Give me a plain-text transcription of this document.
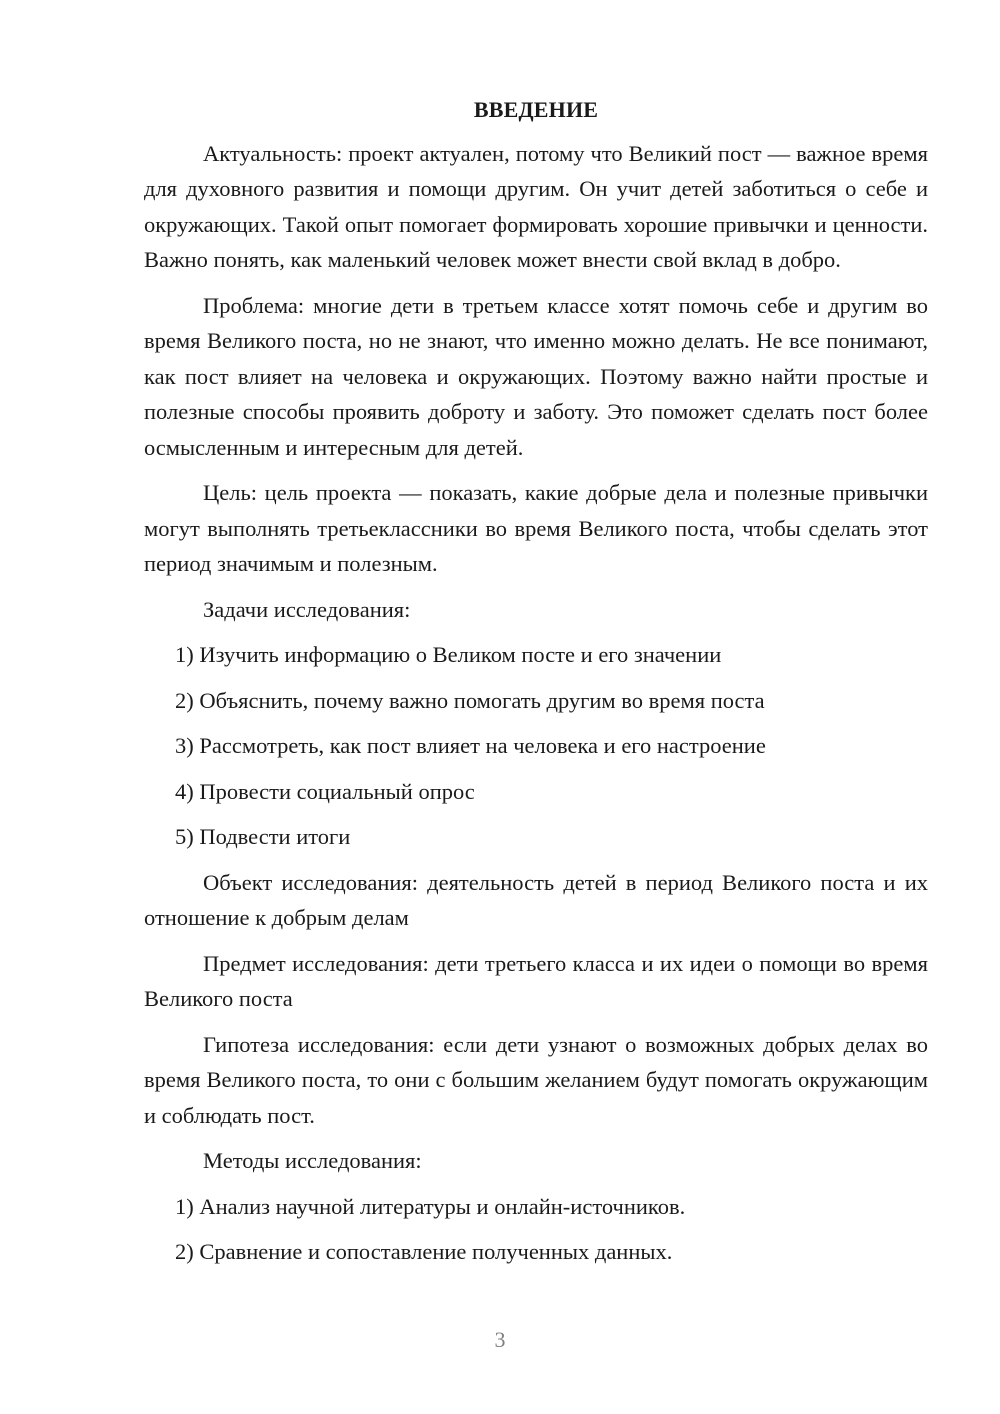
ВВЕДЕНИЕ

Актуальность: проект актуален, потому что Великий пост — важное время для духовного развития и помощи другим. Он учит детей заботиться о себе и окружающих. Такой опыт помогает формировать хорошие привычки и ценности. Важно понять, как маленький человек может внести свой вклад в добро.

Проблема: многие дети в третьем классе хотят помочь себе и другим во время Великого поста, но не знают, что именно можно делать. Не все понимают, как пост влияет на человека и окружающих. Поэтому важно найти простые и полезные способы проявить доброту и заботу. Это поможет сделать пост более осмысленным и интересным для детей.

Цель: цель проекта — показать, какие добрые дела и полезные привычки могут выполнять третьеклассники во время Великого поста, чтобы сделать этот период значимым и полезным.

Задачи исследования:

1) Изучить информацию о Великом посте и его значении

2) Объяснить, почему важно помогать другим во время поста

3) Рассмотреть, как пост влияет на человека и его настроение

4) Провести социальный опрос

5) Подвести итоги

Объект исследования: деятельность детей в период Великого поста и их отношение к добрым делам

Предмет исследования: дети третьего класса и их идеи о помощи во время Великого поста

Гипотеза исследования: если дети узнают о возможных добрых делах во время Великого поста, то они с большим желанием будут помогать окружающим и соблюдать пост.

Методы исследования:

1) Анализ научной литературы и онлайн-источников.

2) Сравнение и сопоставление полученных данных.

3
